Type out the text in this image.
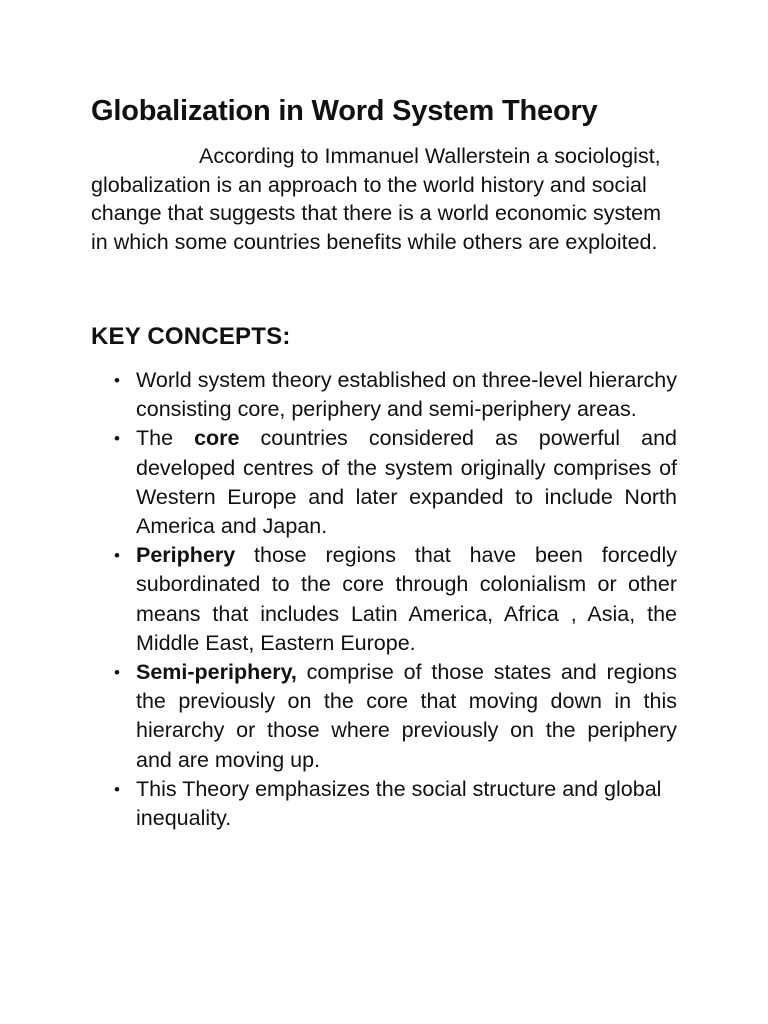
Globalization in Word System Theory

According to Immanuel Wallerstein a sociologist, globalization is an approach to the world history and social change that suggests that there is a world economic system in which some countries benefits while others are exploited.

KEY CONCEPTS:
• World system theory established on three-level hierarchy consisting core, periphery and semi-periphery areas.
• The core countries considered as powerful and developed centres of the system originally comprises of Western Europe and later expanded to include North America and Japan.
• Periphery those regions that have been forcedly subordinated to the core through colonialism or other means that includes Latin America, Africa , Asia, the Middle East, Eastern Europe.
• Semi-periphery, comprise of those states and regions the previously on the core that moving down in this hierarchy or those where previously on the periphery and are moving up.
• This Theory emphasizes the social structure and global inequality.
